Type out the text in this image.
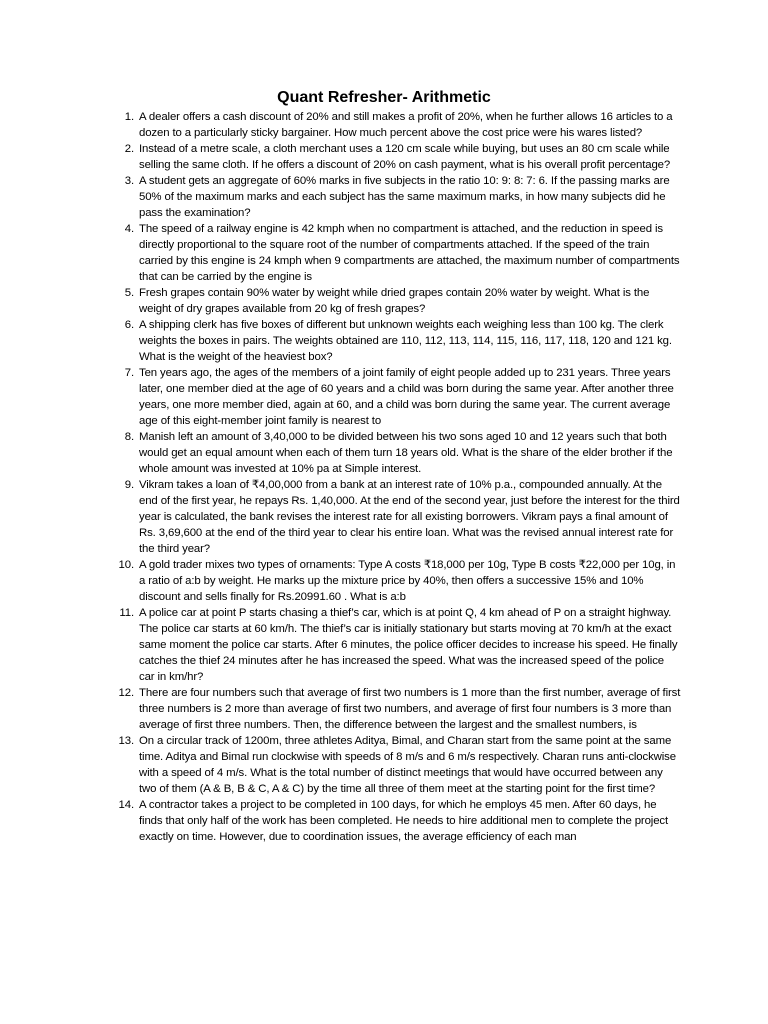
Quant Refresher- Arithmetic
1. A dealer offers a cash discount of 20% and still makes a profit of 20%, when he further allows 16 articles to a dozen to a particularly sticky bargainer. How much percent above the cost price were his wares listed?
2. Instead of a metre scale, a cloth merchant uses a 120 cm scale while buying, but uses an 80 cm scale while selling the same cloth. If he offers a discount of 20% on cash payment, what is his overall profit percentage?
3. A student gets an aggregate of 60% marks in five subjects in the ratio 10: 9: 8: 7: 6. If the passing marks are 50% of the maximum marks and each subject has the same maximum marks, in how many subjects did he pass the examination?
4. The speed of a railway engine is 42 kmph when no compartment is attached, and the reduction in speed is directly proportional to the square root of the number of compartments attached. If the speed of the train carried by this engine is 24 kmph when 9 compartments are attached, the maximum number of compartments that can be carried by the engine is
5. Fresh grapes contain 90% water by weight while dried grapes contain 20% water by weight. What is the weight of dry grapes available from 20 kg of fresh grapes?
6. A shipping clerk has five boxes of different but unknown weights each weighing less than 100 kg. The clerk weights the boxes in pairs. The weights obtained are 110, 112, 113, 114, 115, 116, 117, 118, 120 and 121 kg. What is the weight of the heaviest box?
7. Ten years ago, the ages of the members of a joint family of eight people added up to 231 years. Three years later, one member died at the age of 60 years and a child was born during the same year. After another three years, one more member died, again at 60, and a child was born during the same year. The current average age of this eight-member joint family is nearest to
8. Manish left an amount of 3,40,000 to be divided between his two sons aged 10 and 12 years such that both would get an equal amount when each of them turn 18 years old. What is the share of the elder brother if the whole amount was invested at 10% pa at Simple interest.
9. Vikram takes a loan of ₹4,00,000 from a bank at an interest rate of 10% p.a., compounded annually. At the end of the first year, he repays Rs. 1,40,000. At the end of the second year, just before the interest for the third year is calculated, the bank revises the interest rate for all existing borrowers. Vikram pays a final amount of Rs. 3,69,600 at the end of the third year to clear his entire loan. What was the revised annual interest rate for the third year?
10. A gold trader mixes two types of ornaments: Type A costs ₹18,000 per 10g, Type B costs ₹22,000 per 10g, in a ratio of a:b by weight. He marks up the mixture price by 40%, then offers a successive 15% and 10% discount and sells finally for Rs.20991.60 . What is a:b
11. A police car at point P starts chasing a thief’s car, which is at point Q, 4 km ahead of P on a straight highway. The police car starts at 60 km/h. The thief’s car is initially stationary but starts moving at 70 km/h at the exact same moment the police car starts. After 6 minutes, the police officer decides to increase his speed. He finally catches the thief 24 minutes after he has increased the speed. What was the increased speed of the police car in km/hr?
12. There are four numbers such that average of first two numbers is 1 more than the first number, average of first three numbers is 2 more than average of first two numbers, and average of first four numbers is 3 more than average of first three numbers. Then, the difference between the largest and the smallest numbers, is
13. On a circular track of 1200m, three athletes Aditya, Bimal, and Charan start from the same point at the same time. Aditya and Bimal run clockwise with speeds of 8 m/s and 6 m/s respectively. Charan runs anti-clockwise with a speed of 4 m/s. What is the total number of distinct meetings that would have occurred between any two of them (A & B, B & C, A & C) by the time all three of them meet at the starting point for the first time?
14. A contractor takes a project to be completed in 100 days, for which he employs 45 men. After 60 days, he finds that only half of the work has been completed. He needs to hire additional men to complete the project exactly on time. However, due to coordination issues, the average efficiency of each man
